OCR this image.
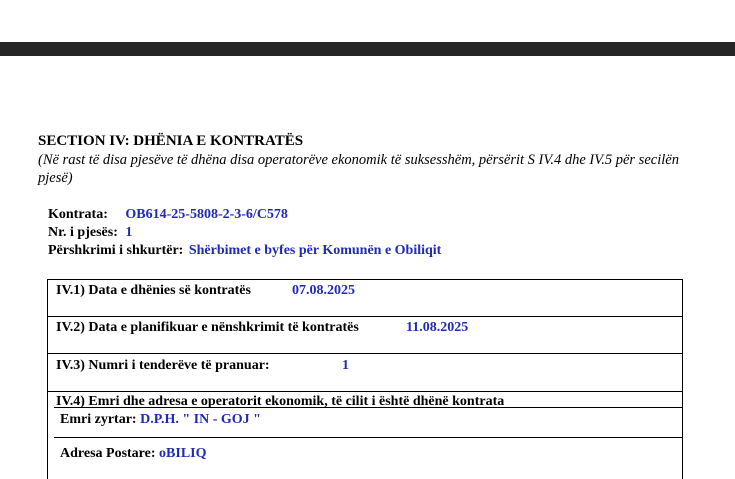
SECTION IV: DHËNIA E KONTRATËS
(Në rast të disa pjesëve të dhëna disa operatorëve ekonomik të suksesshëm, përsërit S IV.4 dhe IV.5 për secilën pjesë)
Kontrata: OB614-25-5808-2-3-6/C578
Nr. i pjesës: 1
Përshkrimi i shkurtër: Shërbimet e byfes për Komunën e Obiliqit
IV.1) Data e dhënies së kontratës	07.08.2025
IV.2) Data e planifikuar e nënshkrimit të kontratës	11.08.2025
IV.3) Numri i tenderëve të pranuar:	1
IV.4) Emri dhe adresa e operatorit ekonomik, të cilit i është dhënë kontrata
Emri zyrtar: D.P.H. " IN - GOJ "
Adresa Postare: oBILIQ
